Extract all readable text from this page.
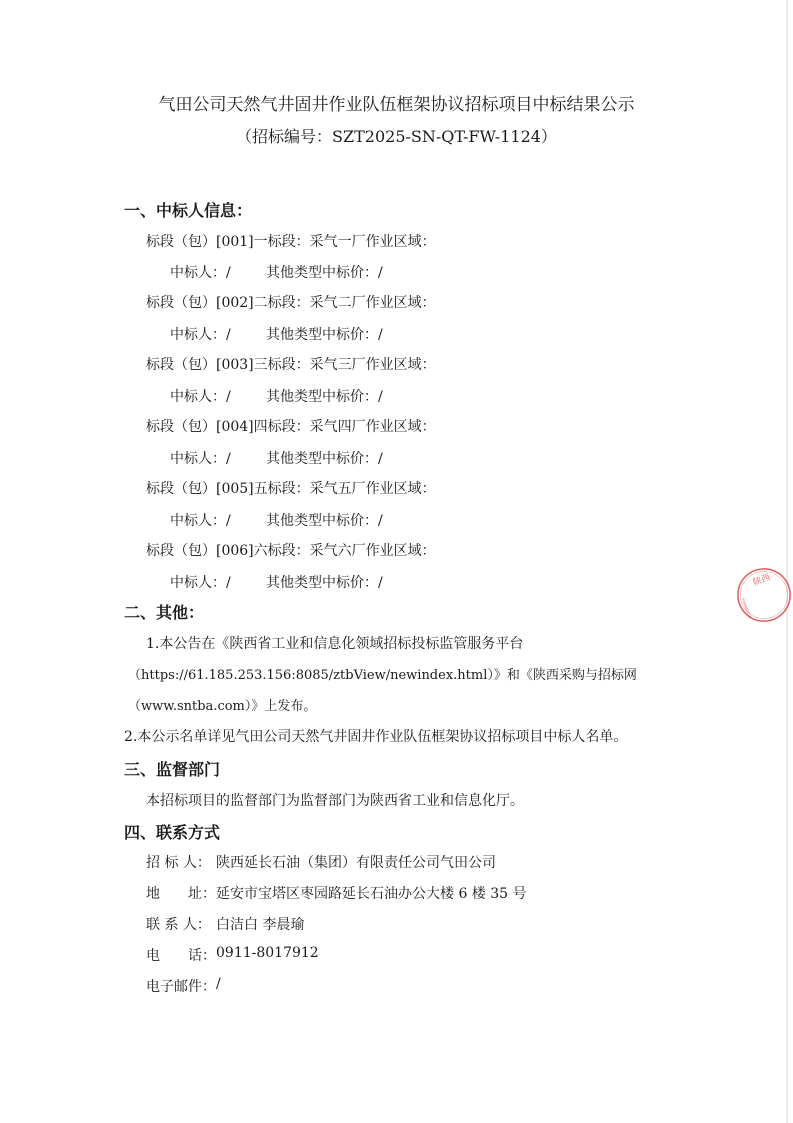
气田公司天然气井固井作业队伍框架协议招标项目中标结果公示
（招标编号：SZT2025-SN-QT-FW-1124）
一、中标人信息：
标段（包）[001]一标段：采气一厂作业区域：
中标人：/	其他类型中标价：/
标段（包）[002]二标段：采气二厂作业区域：
中标人：/	其他类型中标价：/
标段（包）[003]三标段：采气三厂作业区域：
中标人：/	其他类型中标价：/
标段（包）[004]四标段：采气四厂作业区域：
中标人：/	其他类型中标价：/
标段（包）[005]五标段：采气五厂作业区域：
中标人：/	其他类型中标价：/
标段（包）[006]六标段：采气六厂作业区域：
中标人：/	其他类型中标价：/
二、其他：
1.本公告在《陕西省工业和信息化领域招标投标监管服务平台
（https://61.185.253.156:8085/ztbView/newindex.html）》和《陕西采购与招标网
（www.sntba.com）》上发布。
2.本公示名单详见气田公司天然气井固井作业队伍框架协议招标项目中标人名单。
三、监督部门
本招标项目的监督部门为监督部门为陕西省工业和信息化厅。
四、联系方式
招 标 人： 陕西延长石油（集团）有限责任公司气田公司
地　　址： 延安市宝塔区枣园路延长石油办公大楼 6 楼 35 号
联 系 人： 白洁白 李晨瑜
电　　话： 0911-8017912
电子邮件： /
陕西
6100000154
